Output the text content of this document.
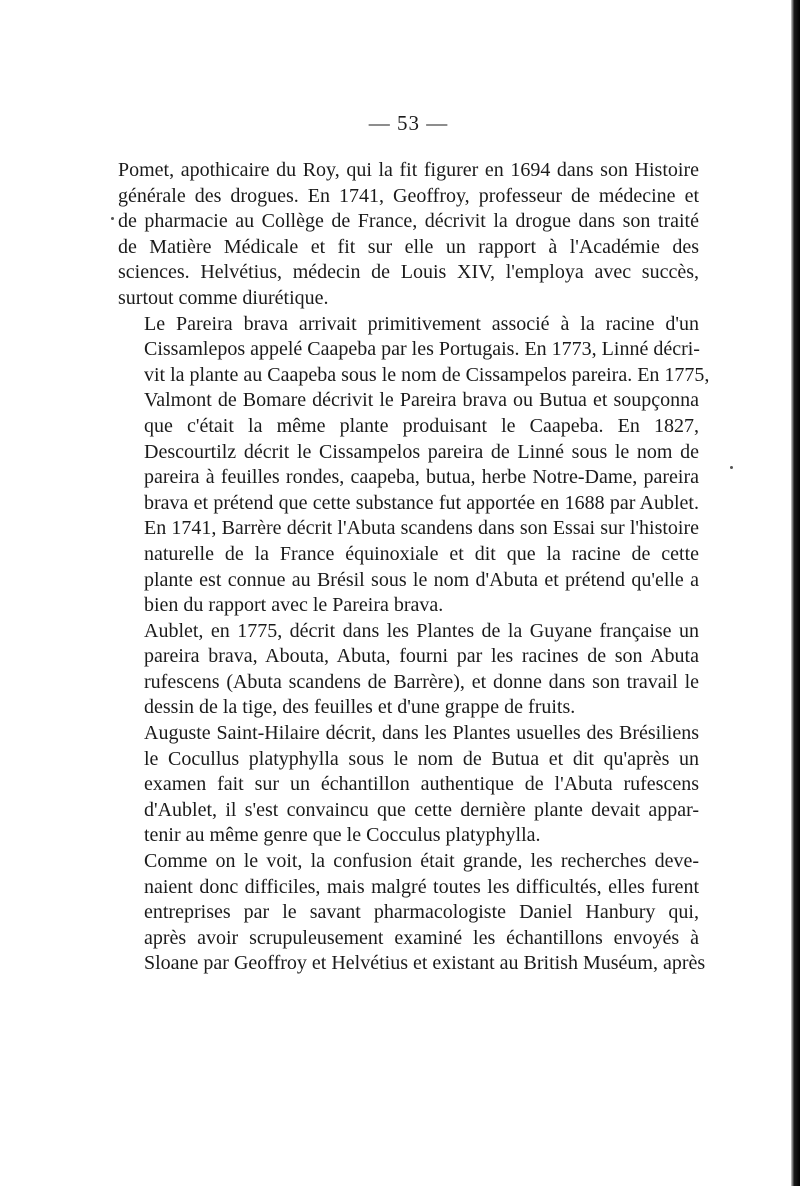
— 53 —

Pomet, apothicaire du Roy, qui la fit figurer en 1694 dans son Histoire
générale des drogues. En 1741, Geoffroy, professeur de médecine et
de pharmacie au Collège de France, décrivit la drogue dans son traité
de Matière Médicale et fit sur elle un rapport à l'Académie des
sciences. Helvétius, médecin de Louis XIV, l'employa avec succès,
surtout comme diurétique.

Le Pareira brava arrivait primitivement associé à la racine d'un
Cissamlepos appelé Caapeba par les Portugais. En 1773, Linné décri-
vit la plante au Caapeba sous le nom de Cissampelos pareira. En 1775,
Valmont de Bomare décrivit le Pareira brava ou Butua et soupçonna
que c'était la même plante produisant le Caapeba. En 1827,
Descourtilz décrit le Cissampelos pareira de Linné sous le nom de
pareira à feuilles rondes, caapeba, butua, herbe Notre-Dame, pareira
brava et prétend que cette substance fut apportée en 1688 par Aublet.
En 1741, Barrère décrit l'Abuta scandens dans son Essai sur l'histoire
naturelle de la France équinoxiale et dit que la racine de cette
plante est connue au Brésil sous le nom d'Abuta et prétend qu'elle a
bien du rapport avec le Pareira brava.

Aublet, en 1775, décrit dans les Plantes de la Guyane française un
pareira brava, Abouta, Abuta, fourni par les racines de son Abuta
rufescens (Abuta scandens de Barrère), et donne dans son travail le
dessin de la tige, des feuilles et d'une grappe de fruits.

Auguste Saint-Hilaire décrit, dans les Plantes usuelles des Brésiliens
le Cocullus platyphylla sous le nom de Butua et dit qu'après un
examen fait sur un échantillon authentique de l'Abuta rufescens
d'Aublet, il s'est convaincu que cette dernière plante devait appar-
tenir au même genre que le Cocculus platyphylla.

Comme on le voit, la confusion était grande, les recherches deve-
naient donc difficiles, mais malgré toutes les difficultés, elles furent
entreprises par le savant pharmacologiste Daniel Hanbury qui,
après avoir scrupuleusement examiné les échantillons envoyés à
Sloane par Geoffroy et Helvétius et existant au British Muséum, après
